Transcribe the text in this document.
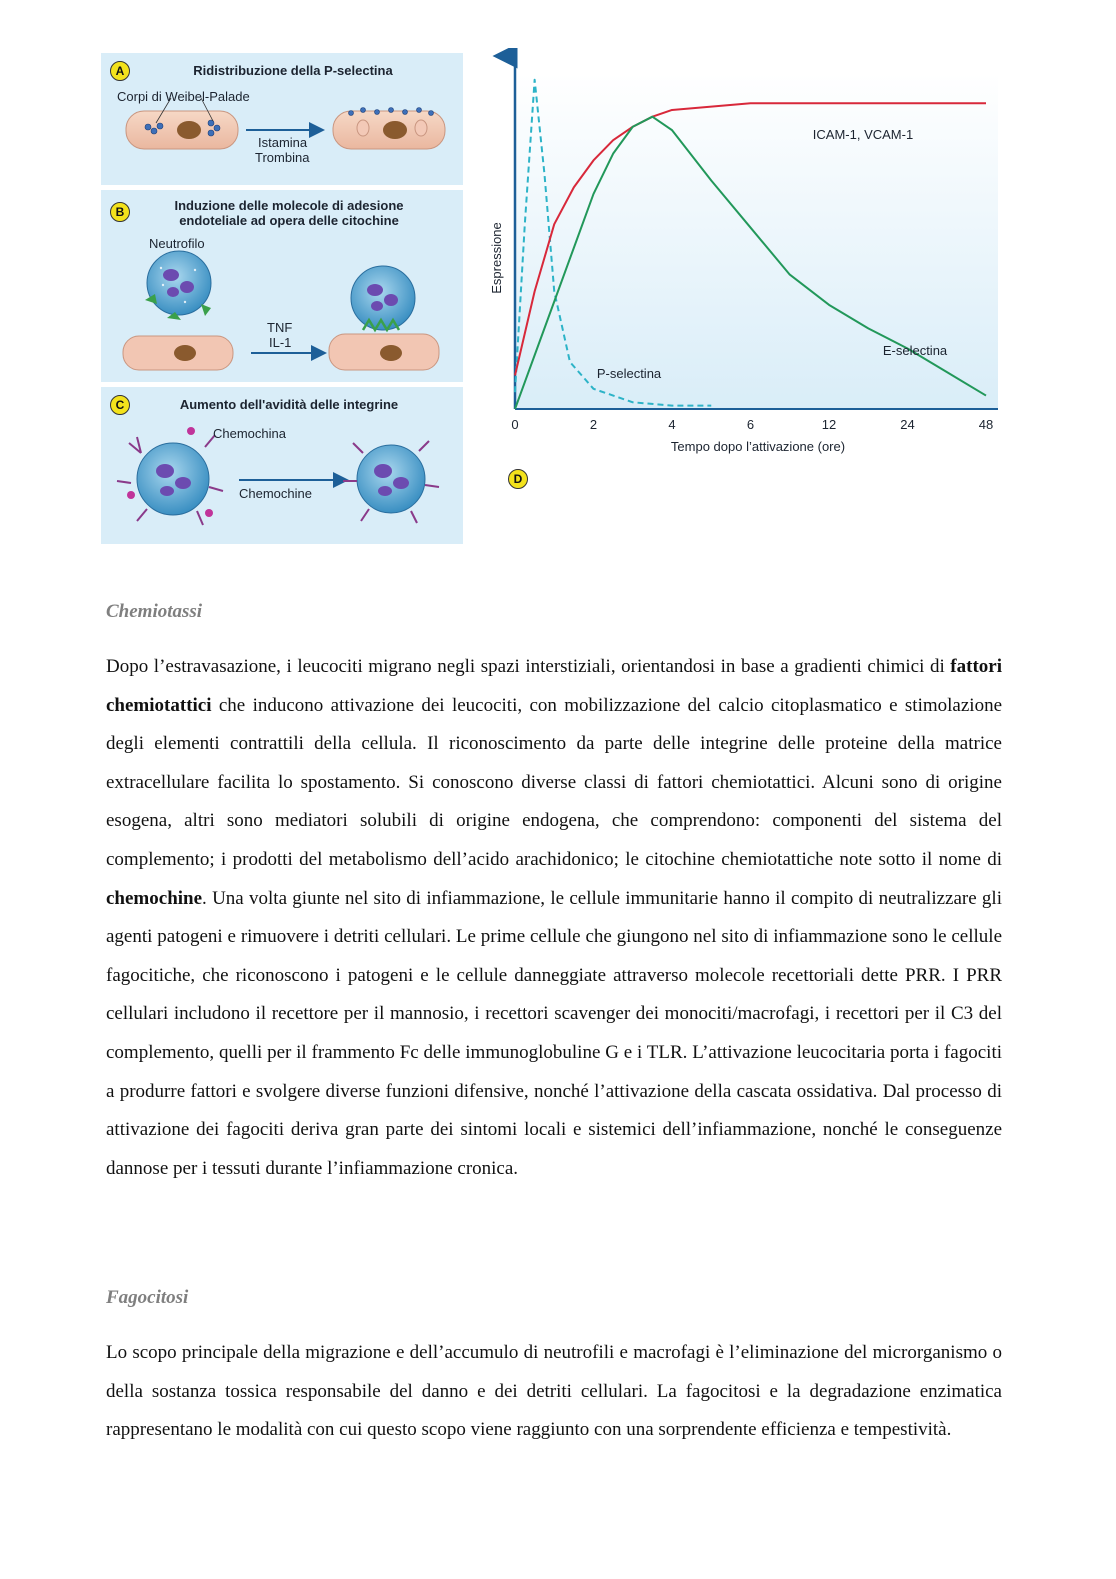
A	Ridistribuzione della P-selectina
Corpi di Weibel-Palade
Istamina
Trombina
B	Induzione delle molecole di adesione
endoteliale ad opera delle citochine
Neutrofilo
TNF
IL-1
C	Aumento dell'avidità delle integrine
Chemochina
Chemochine
0	2	4	6	12	24	48
Espressione
Tempo dopo l’attivazione (ore)
ICAM-1, VCAM-1
E-selectina
P-selectina
D
Chemiotassi

Dopo l’estravasazione, i leucociti migrano negli spazi interstiziali, orientandosi in base a gradienti chimici di fattori chemiotattici che inducono attivazione dei leucociti, con mobilizzazione del calcio citoplasmatico e stimolazione degli elementi contrattili della cellula. Il riconoscimento da parte delle integrine delle proteine della matrice extracellulare facilita lo spostamento. Si conoscono diverse classi di fattori chemiotattici. Alcuni sono di origine esogena, altri sono mediatori solubili di origine endogena, che comprendono: componenti del sistema del complemento; i prodotti del metabolismo dell’acido arachidonico; le citochine chemiotattiche note sotto il nome di chemochine. Una volta giunte nel sito di infiammazione, le cellule immunitarie hanno il compito di neutralizzare gli agenti patogeni e rimuovere i detriti cellulari. Le prime cellule che giungono nel sito di infiammazione sono le cellule fagocitiche, che riconoscono i patogeni e le cellule danneggiate attraverso molecole recettoriali dette PRR. I PRR cellulari includono il recettore per il mannosio, i recettori scavenger dei monociti/macrofagi, i recettori per il C3 del complemento, quelli per il frammento Fc delle immunoglobuline G e i TLR. L’attivazione leucocitaria porta i fagociti a produrre fattori e svolgere diverse funzioni difensive, nonché l’attivazione della cascata ossidativa. Dal processo di attivazione dei fagociti deriva gran parte dei sintomi locali e sistemici dell’infiammazione, nonché le conseguenze dannose per i tessuti durante l’infiammazione cronica.

Fagocitosi

Lo scopo principale della migrazione e dell’accumulo di neutrofili e macrofagi è l’eliminazione del microrganismo o della sostanza tossica responsabile del danno e dei detriti cellulari. La fagocitosi e la degradazione enzimatica rappresentano le modalità con cui questo scopo viene raggiunto con una sorprendente efficienza e tempestività.
